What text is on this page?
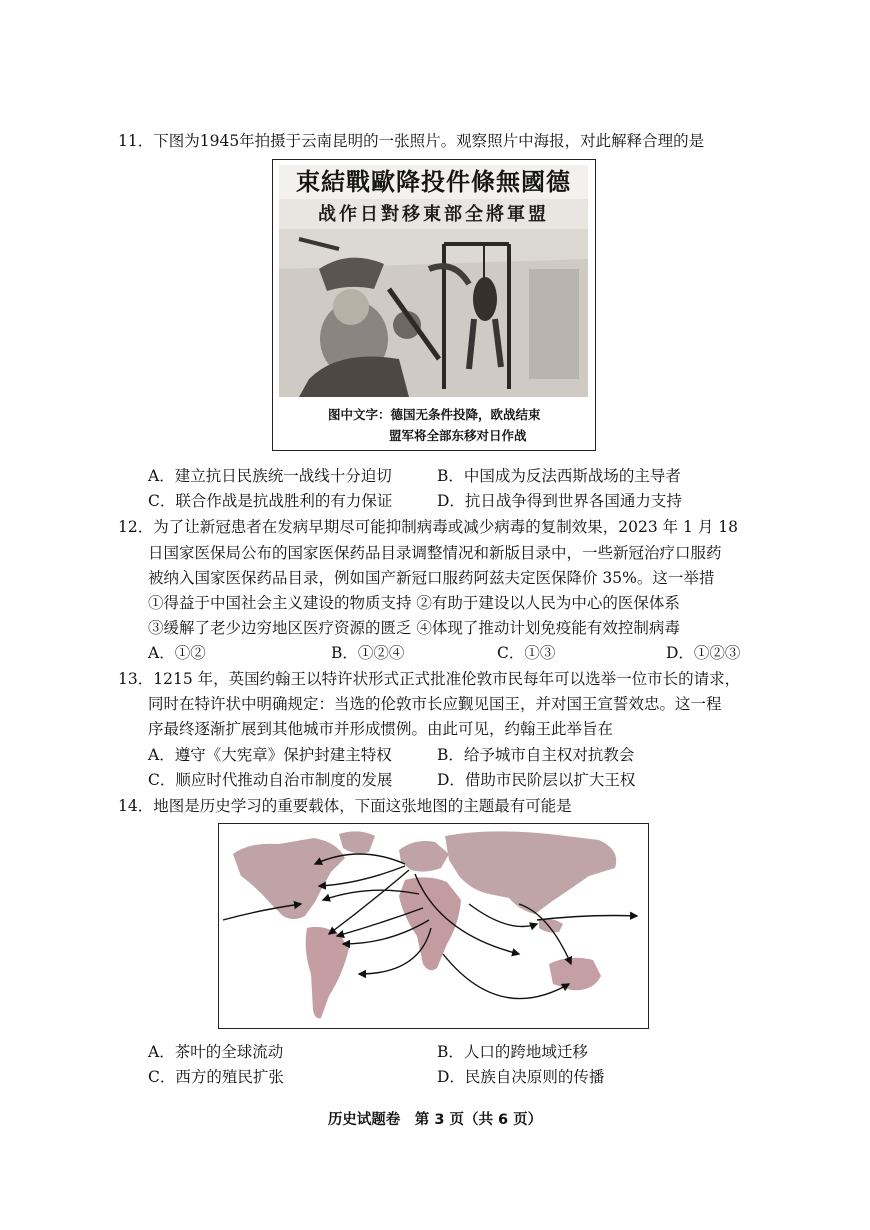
11．下图为1945年拍摄于云南昆明的一张照片。观察照片中海报，对此解释合理的是
束結戰歐降投件條無國德
战作日對移東部全將軍盟
图中文字：德国无条件投降，欧战结束
盟军将全部东移对日作战
A．建立抗日民族统一战线十分迫切	B．中国成为反法西斯战场的主导者
C．联合作战是抗战胜利的有力保证	D．抗日战争得到世界各国通力支持
12．为了让新冠患者在发病早期尽可能抑制病毒或减少病毒的复制效果，2023 年 1 月 18
日国家医保局公布的国家医保药品目录调整情况和新版目录中，一些新冠治疗口服药
被纳入国家医保药品目录，例如国产新冠口服药阿兹夫定医保降价 35%。这一举措
①得益于中国社会主义建设的物质支持 ②有助于建设以人民为中心的医保体系
③缓解了老少边穷地区医疗资源的匮乏 ④体现了推动计划免疫能有效控制病毒
A．①②	B．①②④	C．①③	D．①②③
13．1215 年，英国约翰王以特许状形式正式批准伦敦市民每年可以选举一位市长的请求，
同时在特许状中明确规定：当选的伦敦市长应觐见国王，并对国王宣誓效忠。这一程
序最终逐渐扩展到其他城市并形成惯例。由此可见，约翰王此举旨在
A．遵守《大宪章》保护封建主特权	B．给予城市自主权对抗教会
C．顺应时代推动自治市制度的发展	D．借助市民阶层以扩大王权
14．地图是历史学习的重要载体，下面这张地图的主题最有可能是
A．茶叶的全球流动	B．人口的跨地域迁移
C．西方的殖民扩张	D．民族自决原则的传播
历史试题卷　第 3 页（共 6 页）
